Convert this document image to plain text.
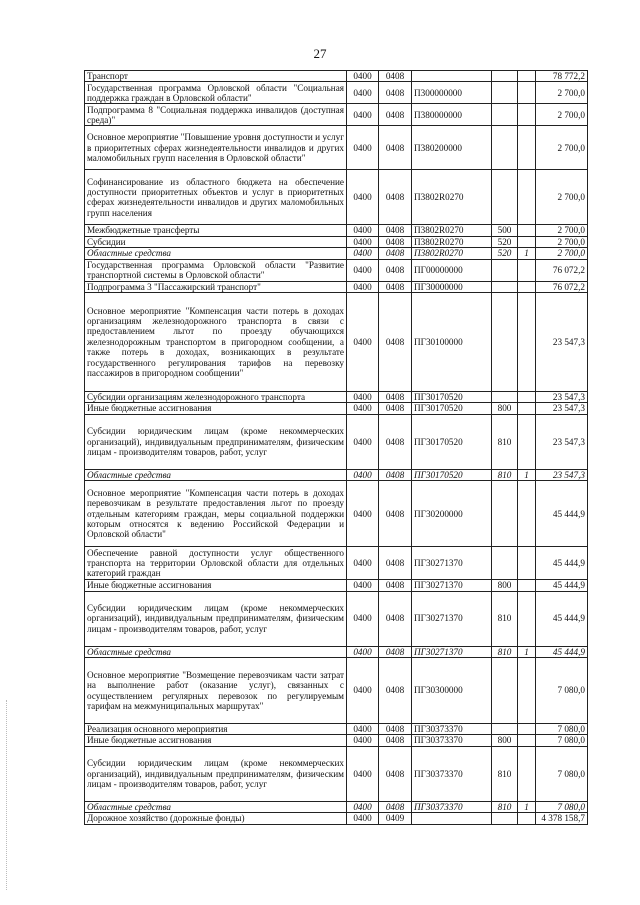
27
Транспорт	0400	0408				78 772,2
Государственная программа Орловской области "Социальная поддержка граждан в Орловской области"	0400	0408	П300000000			2 700,0
Подпрограмма 8 "Социальная поддержка инвалидов (доступная среда)"	0400	0408	П380000000			2 700,0
Основное мероприятие "Повышение уровня доступности и услуг в приоритетных сферах жизнедеятельности инвалидов и других маломобильных групп населения в Орловской области"	0400	0408	П380200000			2 700,0
Софинансирование из областного бюджета на обеспечение доступности приоритетных объектов и услуг в приоритетных сферах жизнедеятельности инвалидов и других маломобильных групп населения	0400	0408	П3802R0270			2 700,0
Межбюджетные трансферты	0400	0408	П3802R0270	500		2 700,0
Субсидии	0400	0408	П3802R0270	520		2 700,0
Областные средства	0400	0408	П3802R0270	520	1	2 700,0
Государственная программа Орловской области "Развитие транспортной системы в Орловской области"	0400	0408	ПГ00000000			76 072,2
Подпрограмма 3 "Пассажирский транспорт"	0400	0408	ПГ30000000			76 072,2
Основное мероприятие "Компенсация части потерь в доходах организациям железнодорожного транспорта в связи с предоставлением льгот по проезду обучающихся железнодорожным транспортом в пригородном сообщении, а также потерь в доходах, возникающих в результате государственного регулирования тарифов на перевозку пассажиров в пригородном сообщении"	0400	0408	ПГ30100000			23 547,3
Субсидии организациям железнодорожного транспорта	0400	0408	ПГ30170520			23 547,3
Иные бюджетные ассигнования	0400	0408	ПГ30170520	800		23 547,3
Субсидии юридическим лицам (кроме некоммерческих организаций), индивидуальным предпринимателям, физическим лицам - производителям товаров, работ, услуг	0400	0408	ПГ30170520	810		23 547,3
Областные средства	0400	0408	ПГ30170520	810	1	23 547,3
Основное мероприятие "Компенсация части потерь в доходах перевозчикам в результате предоставления льгот по проезду отдельным категориям граждан, меры социальной поддержки которым относятся к ведению Российской Федерации и Орловской области"	0400	0408	ПГ30200000			45 444,9
Обеспечение равной доступности услуг общественного транспорта на территории Орловской области для отдельных категорий граждан	0400	0408	ПГ30271370			45 444,9
Иные бюджетные ассигнования	0400	0408	ПГ30271370	800		45 444,9
Субсидии юридическим лицам (кроме некоммерческих организаций), индивидуальным предпринимателям, физическим лицам - производителям товаров, работ, услуг	0400	0408	ПГ30271370	810		45 444,9
Областные средства	0400	0408	ПГ30271370	810	1	45 444,9
Основное мероприятие "Возмещение перевозчикам части затрат на выполнение работ (оказание услуг), связанных с осуществлением регулярных перевозок по регулируемым тарифам на межмуниципальных маршрутах"	0400	0408	ПГ30300000			7 080,0
Реализация основного мероприятия	0400	0408	ПГ30373370			7 080,0
Иные бюджетные ассигнования	0400	0408	ПГ30373370	800		7 080,0
Субсидии юридическим лицам (кроме некоммерческих организаций), индивидуальным предпринимателям, физическим лицам - производителям товаров, работ, услуг	0400	0408	ПГ30373370	810		7 080,0
Областные средства	0400	0408	ПГ30373370	810	1	7 080,0
Дорожное хозяйство (дорожные фонды)	0400	0409				4 378 158,7
